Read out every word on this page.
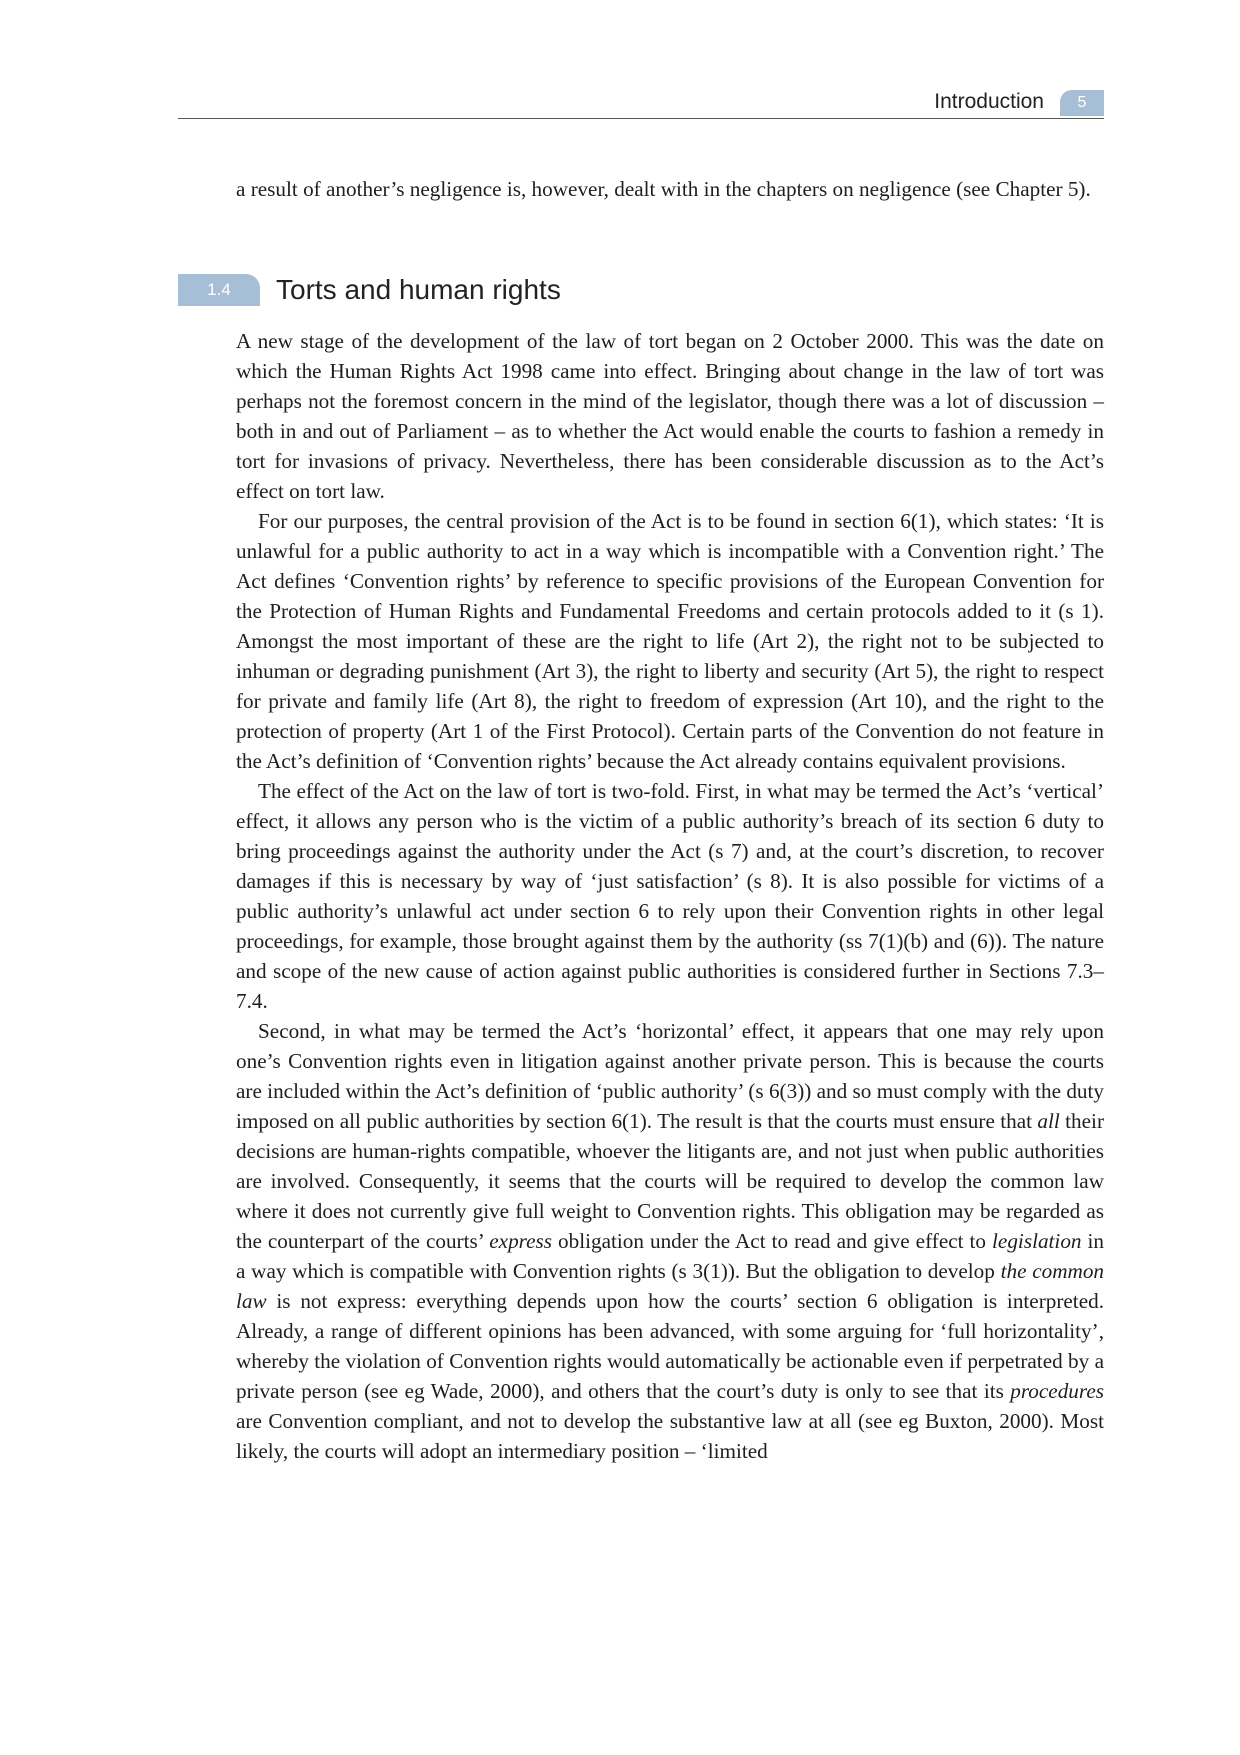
Introduction	5

a result of another’s negligence is, however, dealt with in the chapters on negligence (see Chapter 5).

1.4	Torts and human rights

A new stage of the development of the law of tort began on 2 October 2000. This was the date on which the Human Rights Act 1998 came into effect. Bringing about change in the law of tort was perhaps not the foremost concern in the mind of the legislator, though there was a lot of discussion – both in and out of Parliament – as to whether the Act would enable the courts to fashion a remedy in tort for invasions of privacy. Nevertheless, there has been considerable discussion as to the Act’s effect on tort law.

For our purposes, the central provision of the Act is to be found in section 6(1), which states: ‘It is unlawful for a public authority to act in a way which is incompatible with a Convention right.’ The Act defines ‘Convention rights’ by reference to specific provisions of the European Convention for the Protection of Human Rights and Fundamental Freedoms and certain protocols added to it (s 1). Amongst the most important of these are the right to life (Art 2), the right not to be subjected to inhuman or degrading punishment (Art 3), the right to liberty and security (Art 5), the right to respect for private and family life (Art 8), the right to freedom of expression (Art 10), and the right to the protection of property (Art 1 of the First Protocol). Certain parts of the Convention do not feature in the Act’s definition of ‘Convention rights’ because the Act already contains equivalent provisions.

The effect of the Act on the law of tort is two-fold. First, in what may be termed the Act’s ‘vertical’ effect, it allows any person who is the victim of a public authority’s breach of its section 6 duty to bring proceedings against the authority under the Act (s 7) and, at the court’s discretion, to recover damages if this is necessary by way of ‘just satisfaction’ (s 8). It is also possible for victims of a public authority’s unlawful act under section 6 to rely upon their Convention rights in other legal proceedings, for example, those brought against them by the authority (ss 7(1)(b) and (6)). The nature and scope of the new cause of action against public authorities is considered further in Sections 7.3–7.4.

Second, in what may be termed the Act’s ‘horizontal’ effect, it appears that one may rely upon one’s Convention rights even in litigation against another private person. This is because the courts are included within the Act’s definition of ‘public authority’ (s 6(3)) and so must comply with the duty imposed on all public authorities by section 6(1). The result is that the courts must ensure that all their decisions are human-rights compatible, whoever the litigants are, and not just when public authorities are involved. Consequently, it seems that the courts will be required to develop the common law where it does not currently give full weight to Convention rights. This obligation may be regarded as the counterpart of the courts’ express obligation under the Act to read and give effect to legislation in a way which is compatible with Convention rights (s 3(1)). But the obligation to develop the common law is not express: everything depends upon how the courts’ section 6 obligation is interpreted. Already, a range of different opinions has been advanced, with some arguing for ‘full horizontality’, whereby the violation of Convention rights would automatically be actionable even if perpetrated by a private person (see eg Wade, 2000), and others that the court’s duty is only to see that its procedures are Convention compliant, and not to develop the substantive law at all (see eg Buxton, 2000). Most likely, the courts will adopt an intermediary position – ‘limited
